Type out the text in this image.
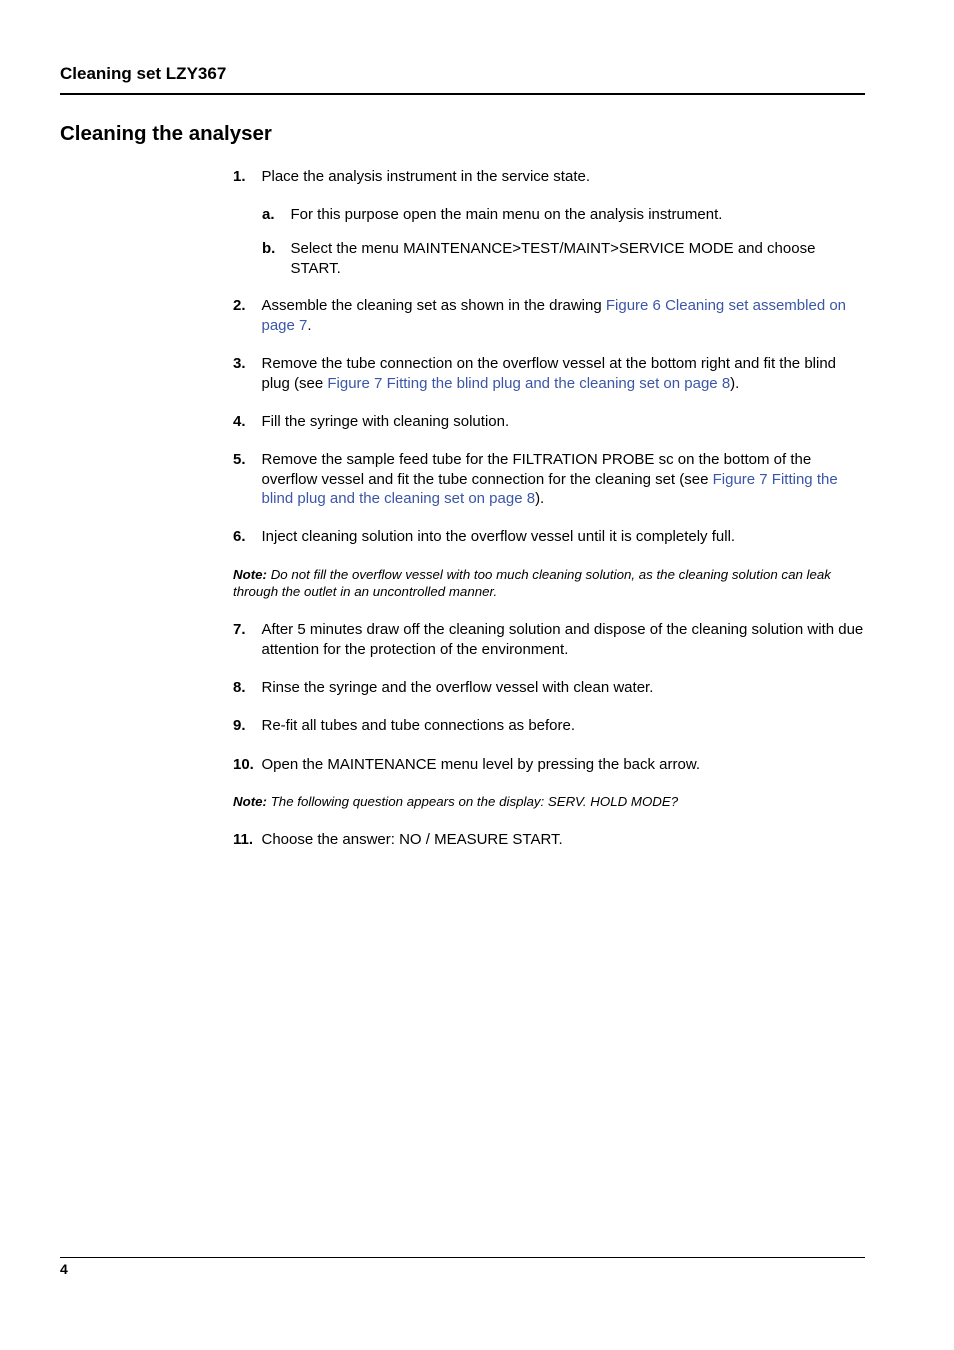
Cleaning set LZY367
Cleaning the analyser
1. Place the analysis instrument in the service state.
a. For this purpose open the main menu on the analysis instrument.
b. Select the menu MAINTENANCE>TEST/MAINT>SERVICE MODE and choose START.
2. Assemble the cleaning set as shown in the drawing Figure 6 Cleaning set assembled on page 7.
3. Remove the tube connection on the overflow vessel at the bottom right and fit the blind plug (see Figure 7 Fitting the blind plug and the cleaning set on page 8).
4. Fill the syringe with cleaning solution.
5. Remove the sample feed tube for the FILTRATION PROBE sc on the bottom of the overflow vessel and fit the tube connection for the cleaning set (see Figure 7 Fitting the blind plug and the cleaning set on page 8).
6. Inject cleaning solution into the overflow vessel until it is completely full.
Note: Do not fill the overflow vessel with too much cleaning solution, as the cleaning solution can leak through the outlet in an uncontrolled manner.
7. After 5 minutes draw off the cleaning solution and dispose of the cleaning solution with due attention for the protection of the environment.
8. Rinse the syringe and the overflow vessel with clean water.
9. Re-fit all tubes and tube connections as before.
10. Open the MAINTENANCE menu level by pressing the back arrow.
Note: The following question appears on the display: SERV. HOLD MODE?
11. Choose the answer: NO / MEASURE START.
4
